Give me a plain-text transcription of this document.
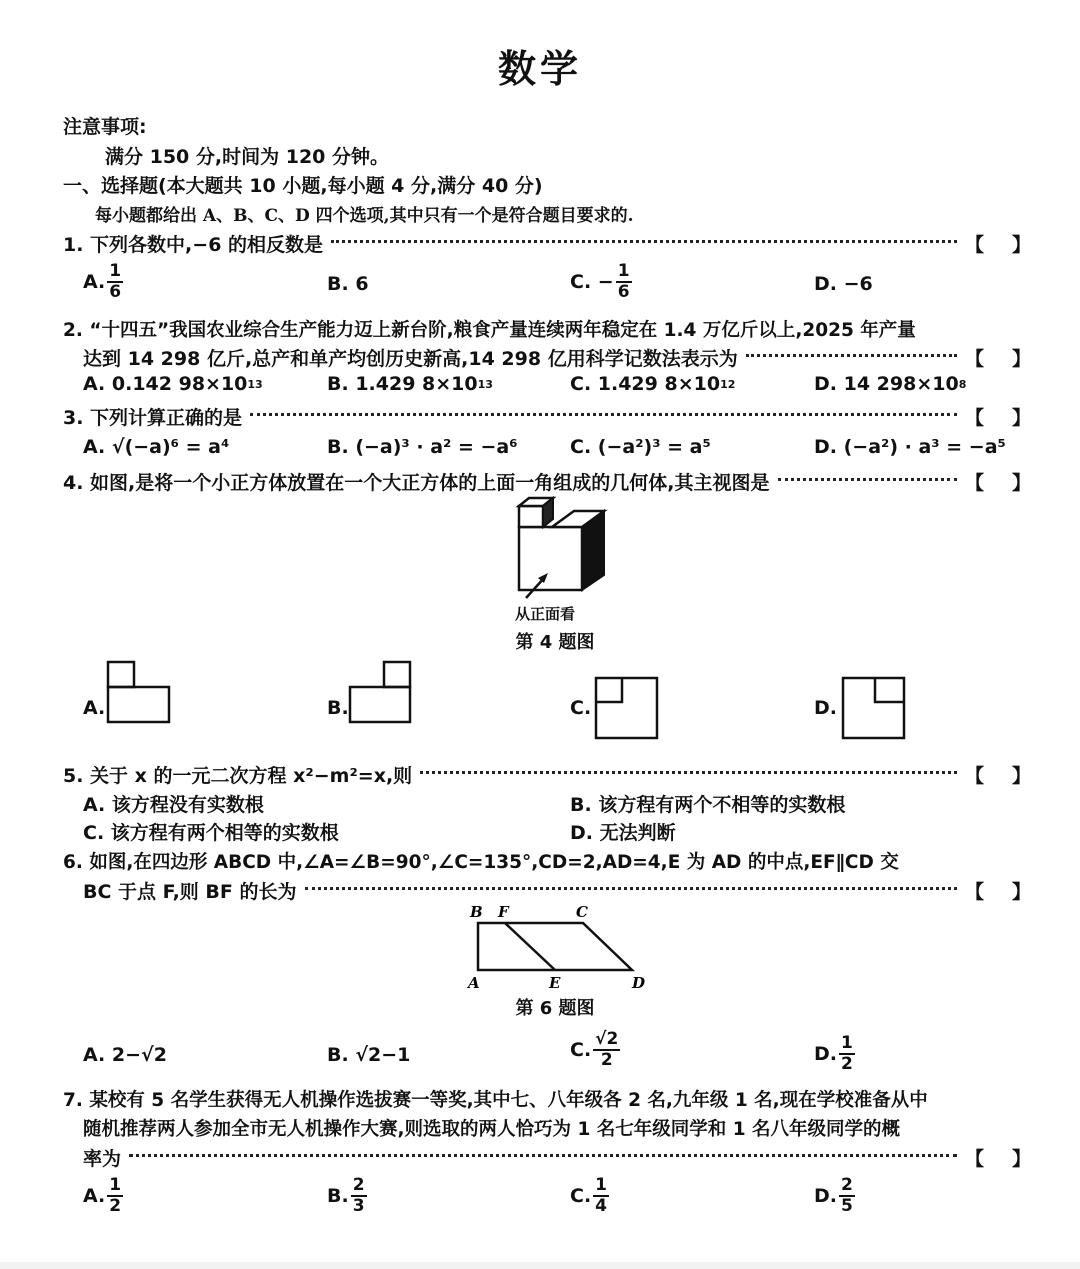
数学
注意事项:
满分 150 分,时间为 120 分钟。
一、选择题(本大题共 10 小题,每小题 4 分,满分 40 分)
每小题都给出 A、B、C、D 四个选项,其中只有一个是符合题目要求的.
1. 下列各数中,−6 的相反数是	【 】
A. $\frac{1}{6}$	B. 6	C. − $\frac{1}{6}$	D. −6
2. “十四五”我国农业综合生产能力迈上新台阶,粮食产量连续两年稳定在 1.4 万亿斤以上,2025 年产量
达到 14 298 亿斤,总产和单产均创历史新高,14 298 亿用科学记数法表示为	【 】
A. 0.142 98×10 13	B. 1.429 8×10 13	C. 1.429 8×10 12	D. 14 298×10 8
3. 下列计算正确的是	【 】
A. √(−a)⁶ = a⁴	B. (−a)³ · a² = −a⁶	C. (−a²)³ = a⁵	D. (−a²) · a³ = −a⁵
4. 如图,是将一个小正方体放置在一个大正方体的上面一角组成的几何体,其主视图是	【 】
从正面看
第 4 题图
A.	B.	C.	D.
5. 关于 x 的一元二次方程 x²−m²=x,则	【 】
A. 该方程没有实数根	B. 该方程有两个不相等的实数根
C. 该方程有两个相等的实数根	D. 无法判断
6. 如图,在四边形 ABCD 中,∠A=∠B=90°,∠C=135°,CD=2,AD=4,E 为 AD 的中点,EF∥CD 交
BC 于点 F,则 BF 的长为	【 】
B F	C
A	E	D
第 6 题图
A. 2−√2	B. √2−1	C. $\frac{√2}{2}$	D. $\frac{1}{2}$
7. 某校有 5 名学生获得无人机操作选拔赛一等奖,其中七、八年级各 2 名,九年级 1 名,现在学校准备从中
随机推荐两人参加全市无人机操作大赛,则选取的两人恰巧为 1 名七年级同学和 1 名八年级同学的概
率为	【 】
A. $\frac{1}{2}$	B. $\frac{2}{3}$	C. $\frac{1}{4}$	D. $\frac{2}{5}$
